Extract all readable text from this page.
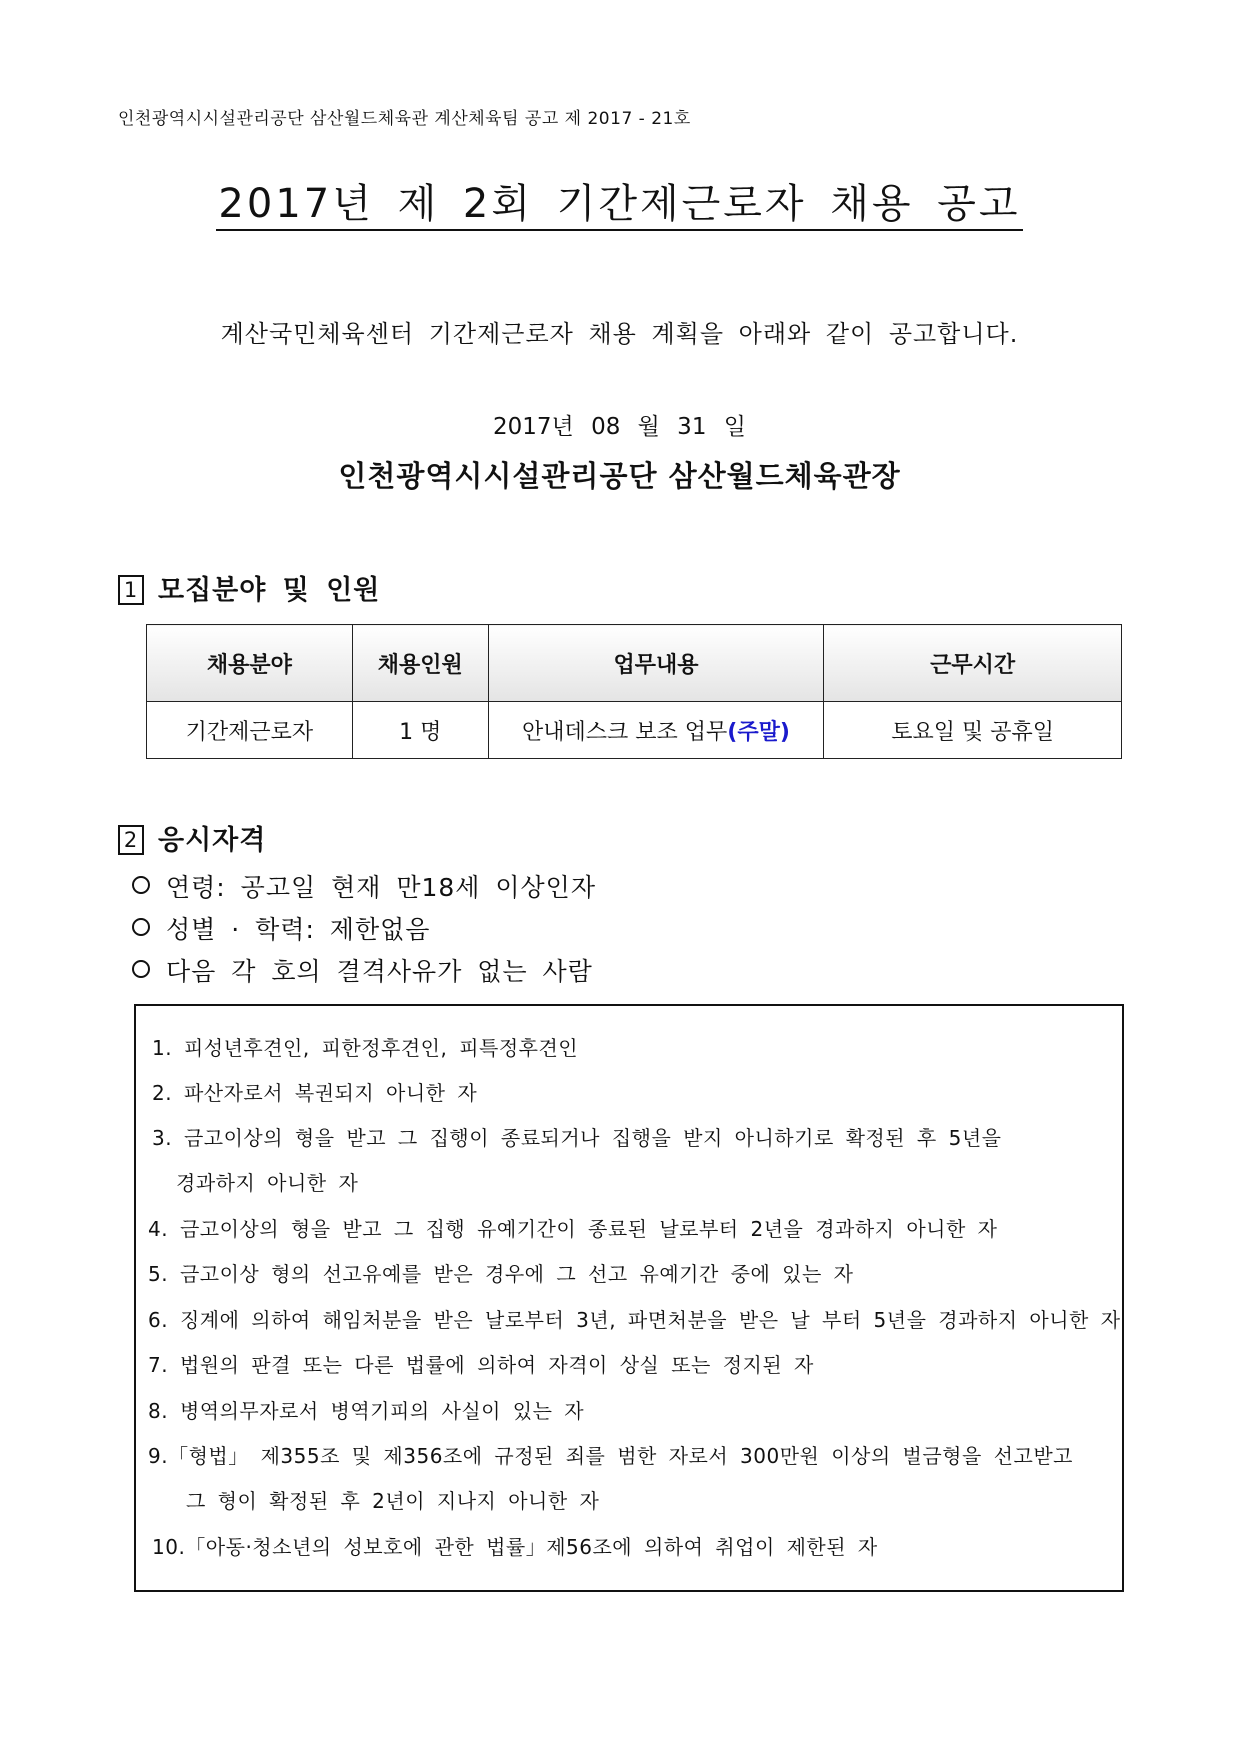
인천광역시시설관리공단 삼산월드체육관 계산체육팀 공고 제 2017 - 21호
2017년 제 2회 기간제근로자 채용 공고
계산국민체육센터 기간제근로자 채용 계획을 아래와 같이 공고합니다.
2017년 08 월 31 일
인천광역시시설관리공단 삼산월드체육관장
1 모집분야 및 인원
채용분야	채용인원	업무내용	근무시간
기간제근로자	1 명	안내데스크 보조 업무(주말)	토요일 및 공휴일
2 응시자격
연령: 공고일 현재 만18세 이상인자
성별 · 학력: 제한없음
다음 각 호의 결격사유가 없는 사람
1. 피성년후견인, 피한정후견인, 피특정후견인
2. 파산자로서 복권되지 아니한 자
3. 금고이상의 형을 받고 그 집행이 종료되거나 집행을 받지 아니하기로 확정된 후 5년을
경과하지 아니한 자
4. 금고이상의 형을 받고 그 집행 유예기간이 종료된 날로부터 2년을 경과하지 아니한 자
5. 금고이상 형의 선고유예를 받은 경우에 그 선고 유예기간 중에 있는 자
6. 징계에 의하여 해임처분을 받은 날로부터 3년, 파면처분을 받은 날 부터 5년을 경과하지 아니한 자
7. 법원의 판결 또는 다른 법률에 의하여 자격이 상실 또는 정지된 자
8. 병역의무자로서 병역기피의 사실이 있는 자
9.「형법」 제355조 및 제356조에 규정된 죄를 범한 자로서 300만원 이상의 벌금형을 선고받고
그 형이 확정된 후 2년이 지나지 아니한 자
10.「아동·청소년의 성보호에 관한 법률」제56조에 의하여 취업이 제한된 자
